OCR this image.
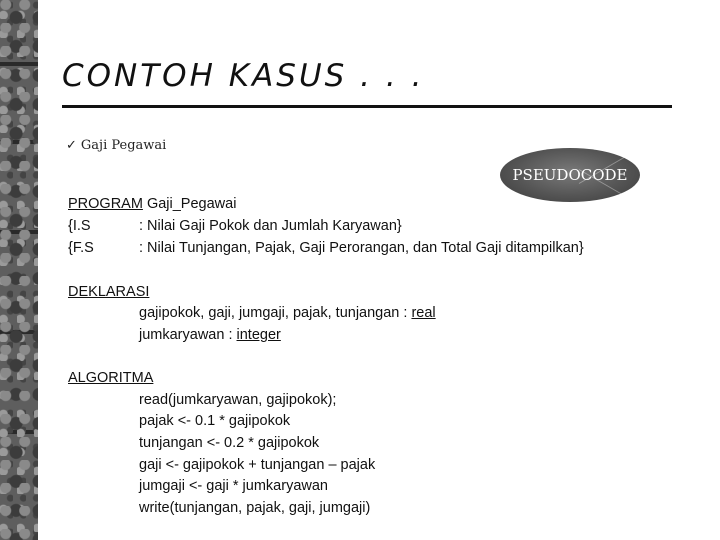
CONTOH KASUS . . .
✓ Gaji Pegawai
PSEUDOCODE
PROGRAM Gaji_Pegawai
{I.S	: Nilai Gaji Pokok dan Jumlah Karyawan}
{F.S	: Nilai Tunjangan, Pajak, Gaji Perorangan, dan Total Gaji ditampilkan}
DEKLARASI
gajipokok, gaji, jumgaji, pajak, tunjangan : real
jumkaryawan : integer
ALGORITMA
read(jumkaryawan, gajipokok);
pajak <- 0.1 * gajipokok
tunjangan <- 0.2 * gajipokok
gaji <- gajipokok + tunjangan – pajak
jumgaji <- gaji * jumkaryawan
write(tunjangan, pajak, gaji, jumgaji)
